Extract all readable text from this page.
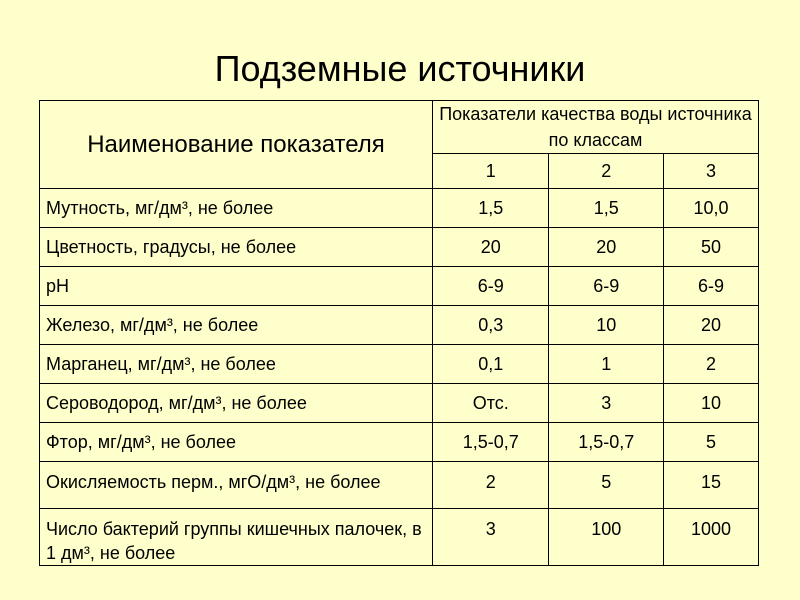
Подземные источники
Наименование показателя	Показатели качества воды источника по классам		
	1	2	3
Мутность, мг/дм³, не более	1,5	1,5	10,0
Цветность, градусы, не более	20	20	50
pH	6-9	6-9	6-9
Железо, мг/дм³, не более	0,3	10	20
Марганец, мг/дм³, не более	0,1	1	2
Сероводород, мг/дм³, не более	Отс.	3	10
Фтор, мг/дм³, не более	1,5-0,7	1,5-0,7	5
Окисляемость перм., мгО/дм³, не более	2	5	15
Число бактерий группы кишечных палочек, в 1 дм³, не более	3	100	1000
